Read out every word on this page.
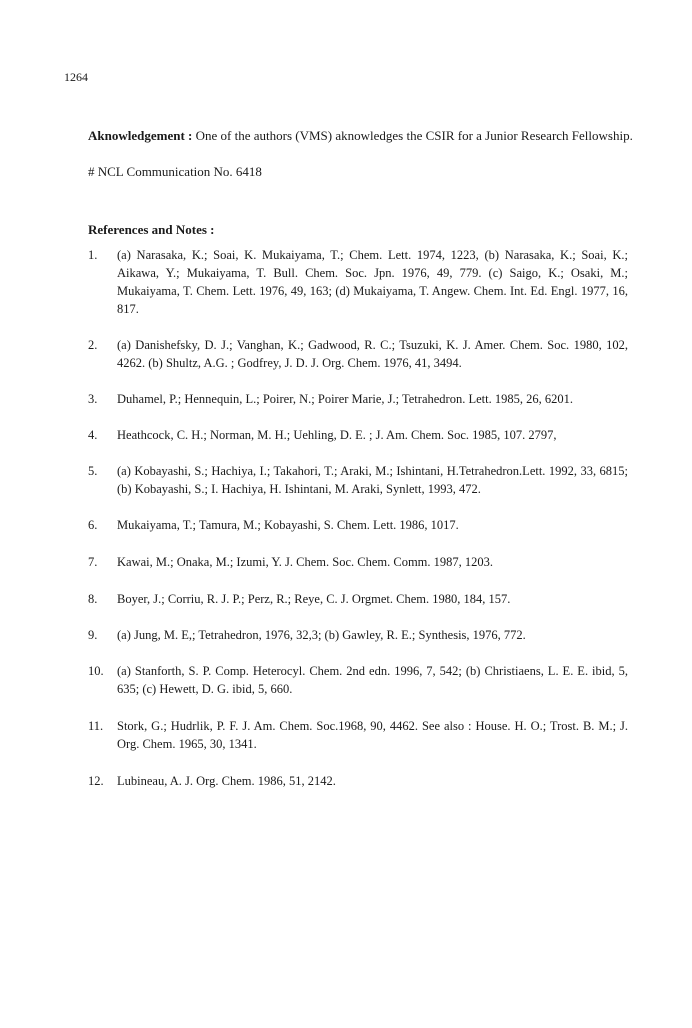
1264
Aknowledgement : One of the authors (VMS) aknowledges the CSIR for a Junior Research Fellowship.
# NCL Communication No. 6418
References and Notes :
1.	(a) Narasaka, K.; Soai, K. Mukaiyama, T.; Chem. Lett. 1974, 1223, (b) Narasaka, K.; Soai, K.; Aikawa, Y.; Mukaiyama, T. Bull. Chem. Soc. Jpn. 1976, 49, 779. (c) Saigo, K.; Osaki, M.; Mukaiyama, T. Chem. Lett. 1976, 49, 163; (d) Mukaiyama, T. Angew. Chem. Int. Ed. Engl. 1977, 16, 817.
2.	(a) Danishefsky, D. J.; Vanghan, K.; Gadwood, R. C.; Tsuzuki, K. J. Amer. Chem. Soc. 1980, 102, 4262. (b) Shultz, A.G. ; Godfrey, J. D. J. Org. Chem. 1976, 41, 3494.
3.	Duhamel, P.; Hennequin, L.; Poirer, N.; Poirer Marie, J.; Tetrahedron. Lett. 1985, 26, 6201.
4.	Heathcock, C. H.; Norman, M. H.; Uehling, D. E. ; J. Am. Chem. Soc. 1985, 107. 2797,
5.	(a) Kobayashi, S.; Hachiya, I.; Takahori, T.; Araki, M.; Ishintani, H.Tetrahedron.Lett. 1992, 33, 6815; (b) Kobayashi, S.; I. Hachiya, H. Ishintani, M. Araki, Synlett, 1993, 472.
6.	Mukaiyama, T.; Tamura, M.; Kobayashi, S. Chem. Lett. 1986, 1017.
7.	Kawai, M.; Onaka, M.; Izumi, Y. J. Chem. Soc. Chem. Comm. 1987, 1203.
8.	Boyer, J.; Corriu, R. J. P.; Perz, R.; Reye, C. J. Orgmet. Chem. 1980, 184, 157.
9.	(a) Jung, M. E,; Tetrahedron, 1976, 32,3; (b) Gawley, R. E.; Synthesis, 1976, 772.
10.	(a) Stanforth, S. P. Comp. Heterocyl. Chem. 2nd edn. 1996, 7, 542; (b) Christiaens, L. E. E. ibid, 5, 635; (c) Hewett, D. G. ibid, 5, 660.
11.	Stork, G.; Hudrlik, P. F. J. Am. Chem. Soc.1968, 90, 4462. See also : House. H. O.; Trost. B. M.; J. Org. Chem. 1965, 30, 1341.
12.	Lubineau, A. J. Org. Chem. 1986, 51, 2142.
